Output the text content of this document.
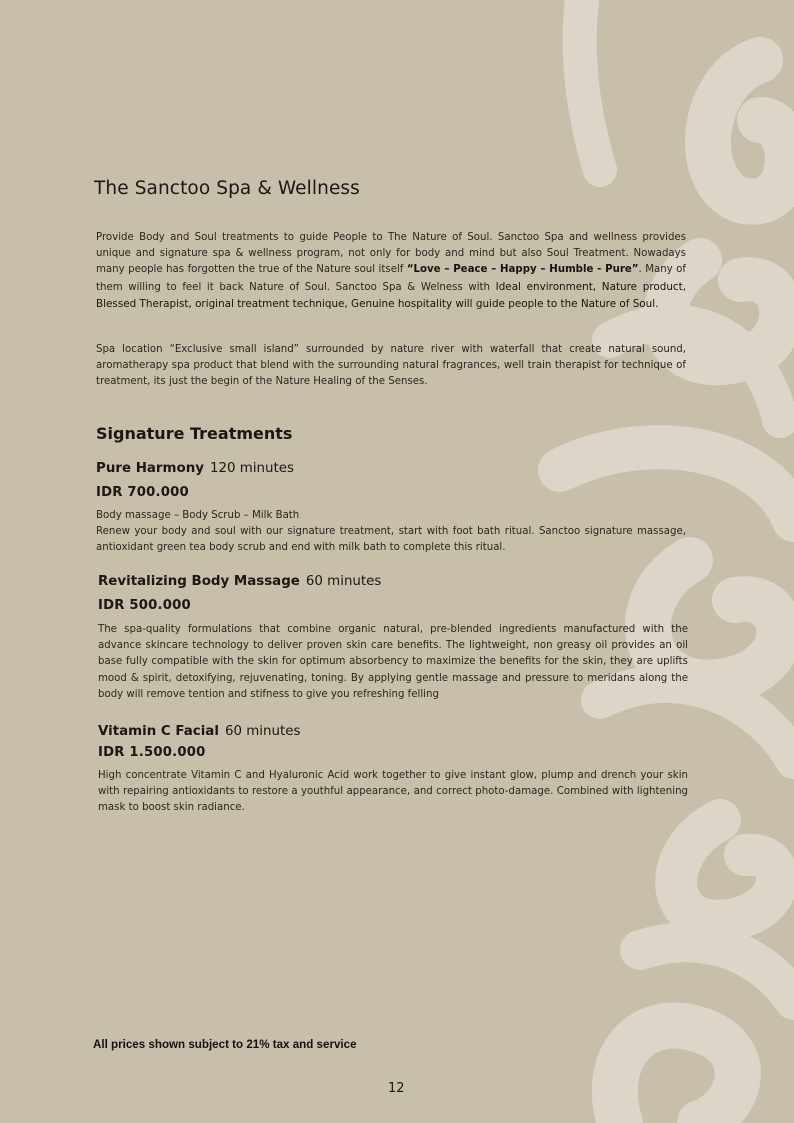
The Sanctoo Spa & Wellness

Provide Body and Soul treatments to guide People to The Nature of Soul. Sanctoo Spa and wellness provides unique and signature spa & wellness program, not only for body and mind but also Soul Treatment. Nowadays many people has forgotten the true of the Nature soul itself “Love – Peace – Happy – Humble - Pure”. Many of them willing to feel it back Nature of Soul. Sanctoo Spa & Welness with Ideal environment, Nature product, Blessed Therapist, original treatment technique, Genuine hospitality will guide people to the Nature of Soul.

Spa location “Exclusive small island” surrounded by nature river with waterfall that create natural sound, aromatherapy spa product that blend with the surrounding natural fragrances, well train therapist for technique of treatment, its just the begin of the Nature Healing of the Senses.

Signature Treatments

Pure Harmony 120 minutes

IDR 700.000

Body massage – Body Scrub – Milk Bath

Renew your body and soul with our signature treatment, start with foot bath ritual. Sanctoo signature massage, antioxidant green tea body scrub and end with milk bath to complete this ritual.

Revitalizing Body Massage 60 minutes

IDR 500.000

The spa-quality formulations that combine organic natural, pre-blended ingredients manufactured with the advance skincare technology to deliver proven skin care benefits. The lightweight, non greasy oil provides an oil base fully compatible with the skin for optimum absorbency to maximize the benefits for the skin, they are uplifts mood & spirit, detoxifying, rejuvenating, toning. By applying gentle massage and pressure to meridans along the body will remove tention and stifness to give you refreshing felling

Vitamin C Facial 60 minutes

IDR 1.500.000

High concentrate Vitamin C and Hyaluronic Acid work together to give instant glow, plump and drench your skin with repairing antioxidants to restore a youthful appearance, and correct photo-damage. Combined with lightening mask to boost skin radiance.

All prices shown subject to 21% tax and service

12
